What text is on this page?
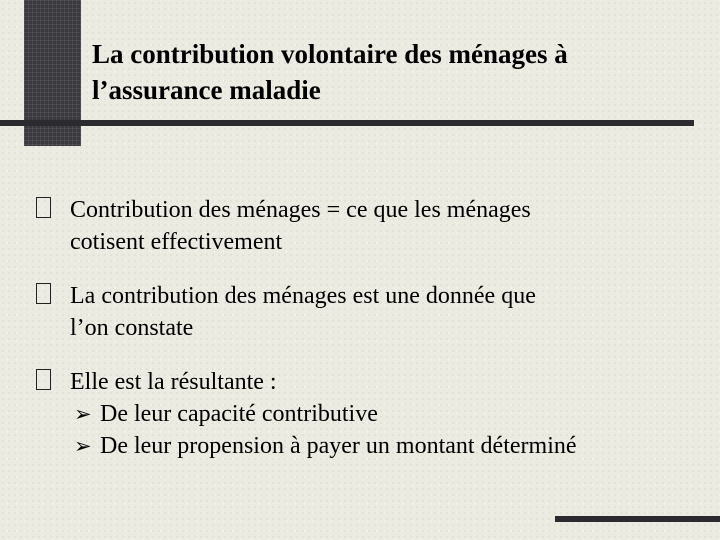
La contribution volontaire des ménages à
l’assurance maladie
Contribution des ménages = ce que les ménages
cotisent effectivement
La contribution des ménages est une donnée que
l’on constate
Elle est la résultante :
➢ De leur capacité contributive
➢ De leur propension à payer un montant déterminé
